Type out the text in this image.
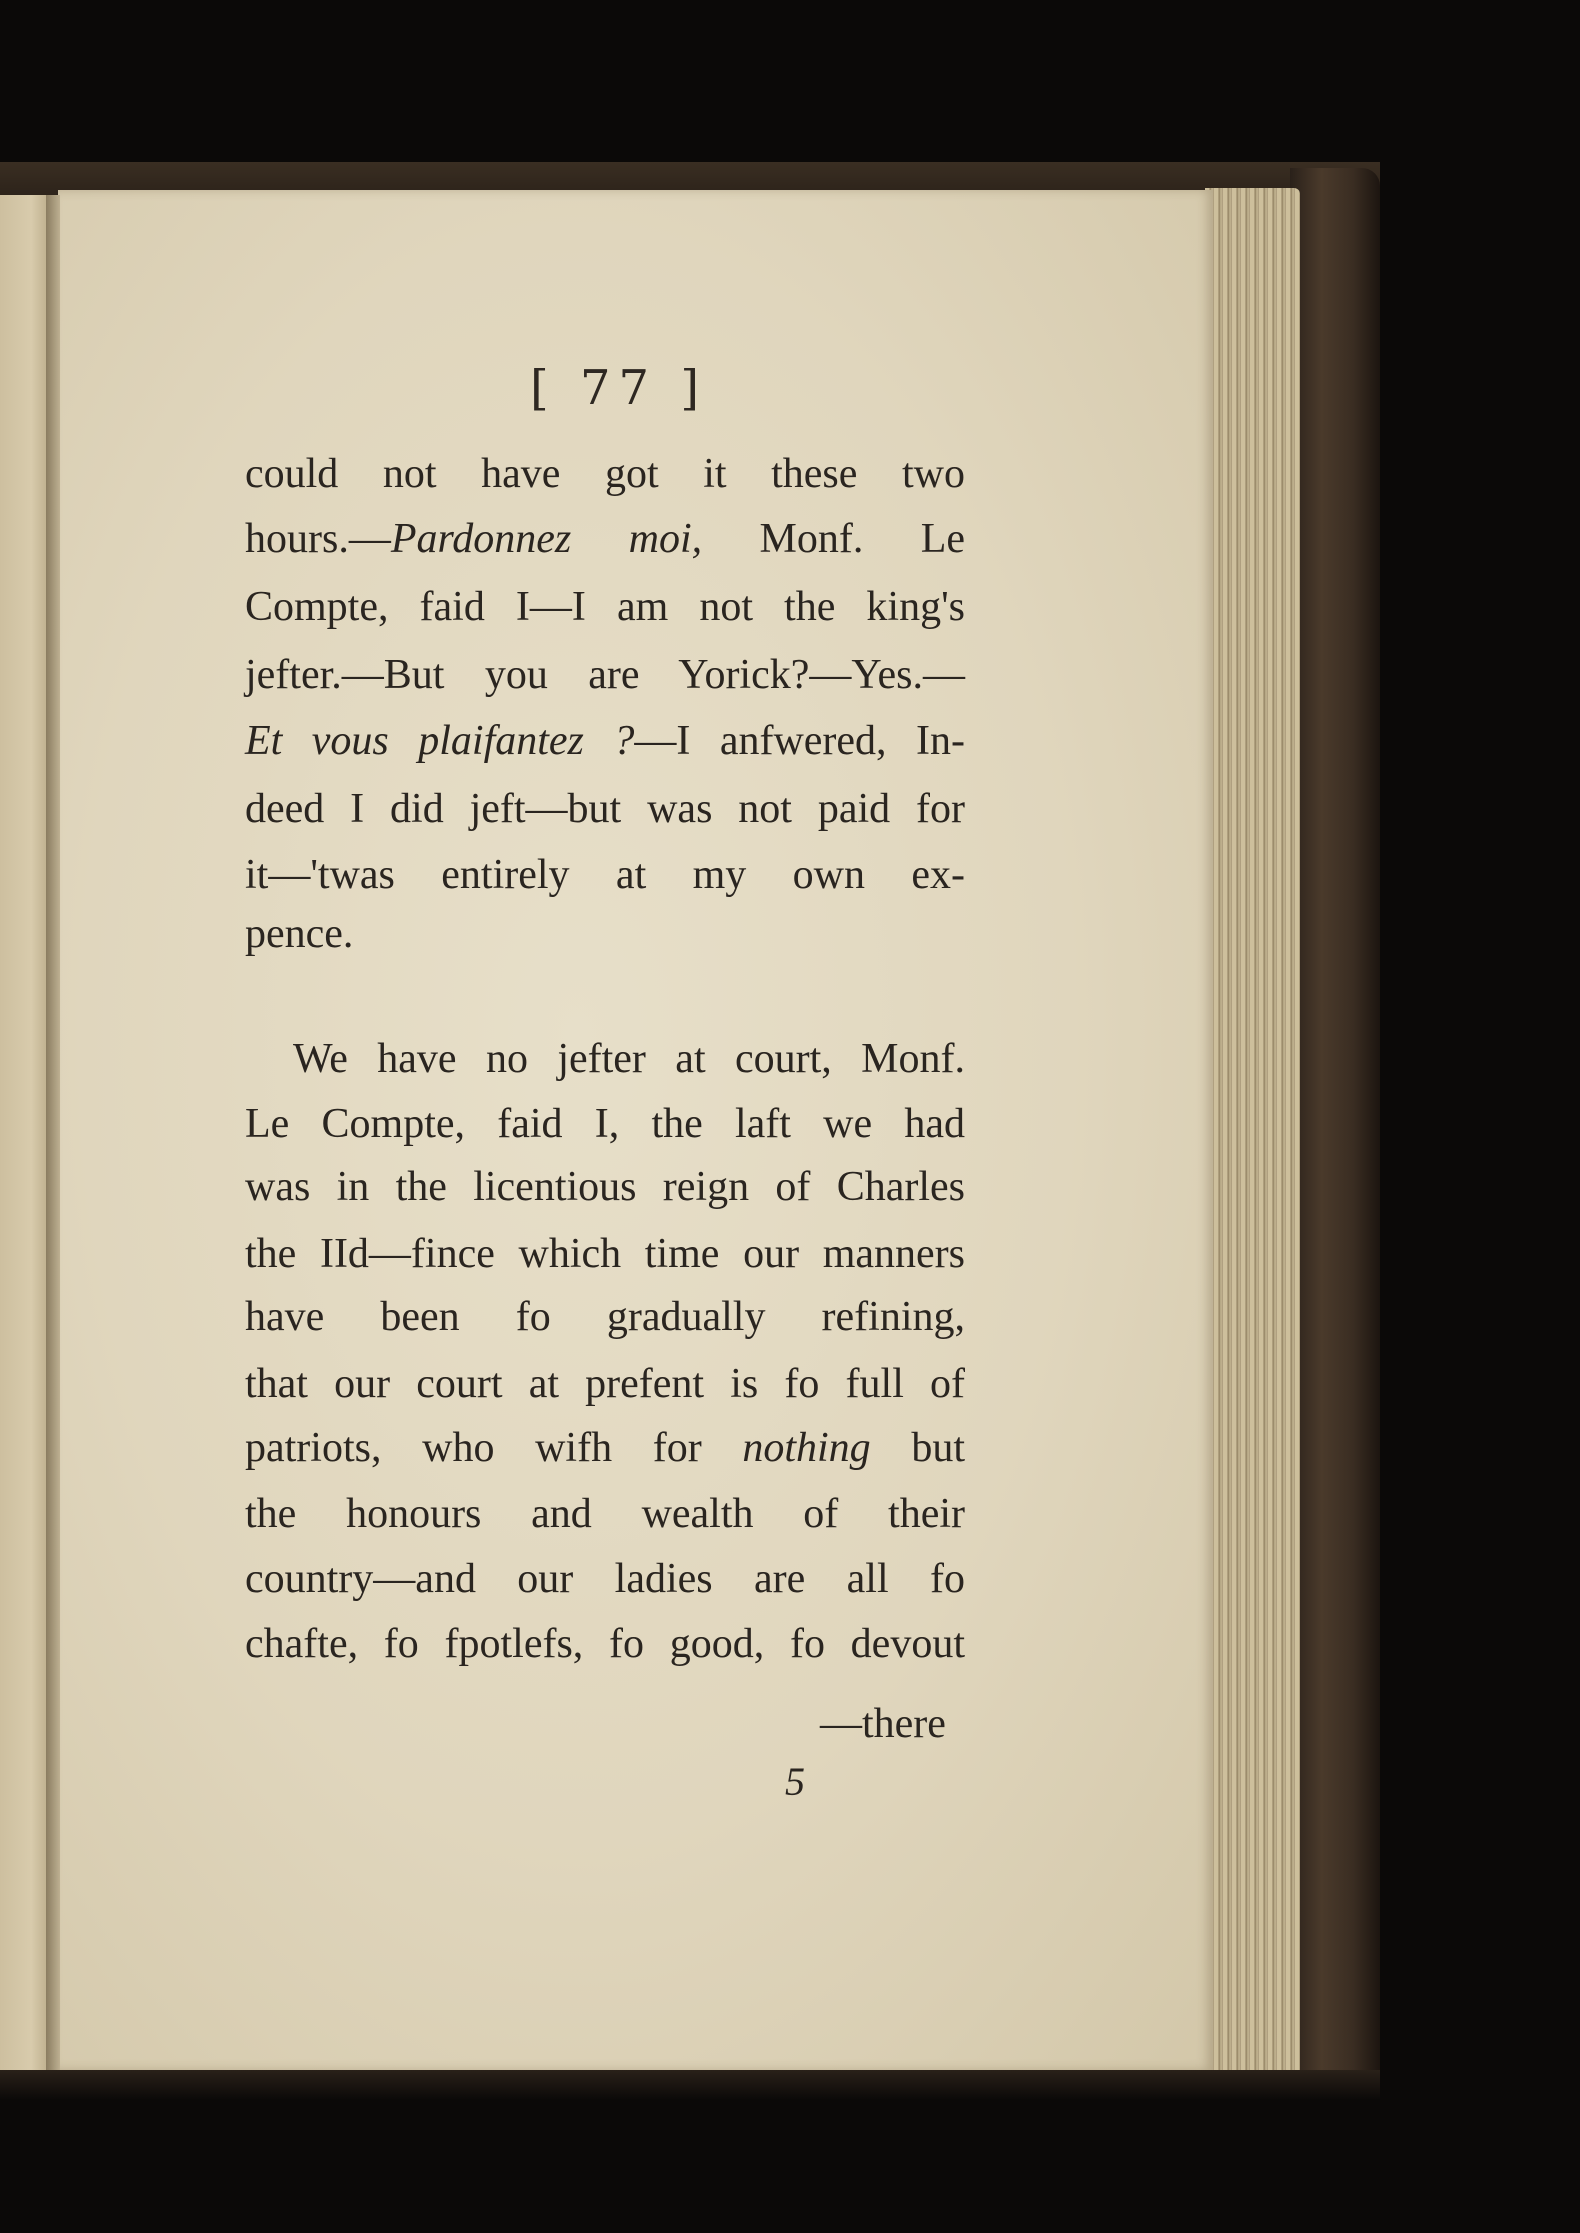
[ 77 ]
could not have got it these two
hours.—Pardonnez moi, Monf. Le
Compte, faid I—I am not the king's
jefter.—But you are Yorick?—Yes.—
Et vous plaifantez ?—I anfwered, In-
deed I did jeft—but was not paid for
it—'twas entirely at my own ex-
pence.
We have no jefter at court, Monf.
Le Compte, faid I, the laft we had
was in the licentious reign of Charles
the IId—fince which time our manners
have been fo gradually refining,
that our court at prefent is fo full of
patriots, who wifh for nothing but
the honours and wealth of their
country—and our ladies are all fo
chafte, fo fpotlefs, fo good, fo devout
—there
5
